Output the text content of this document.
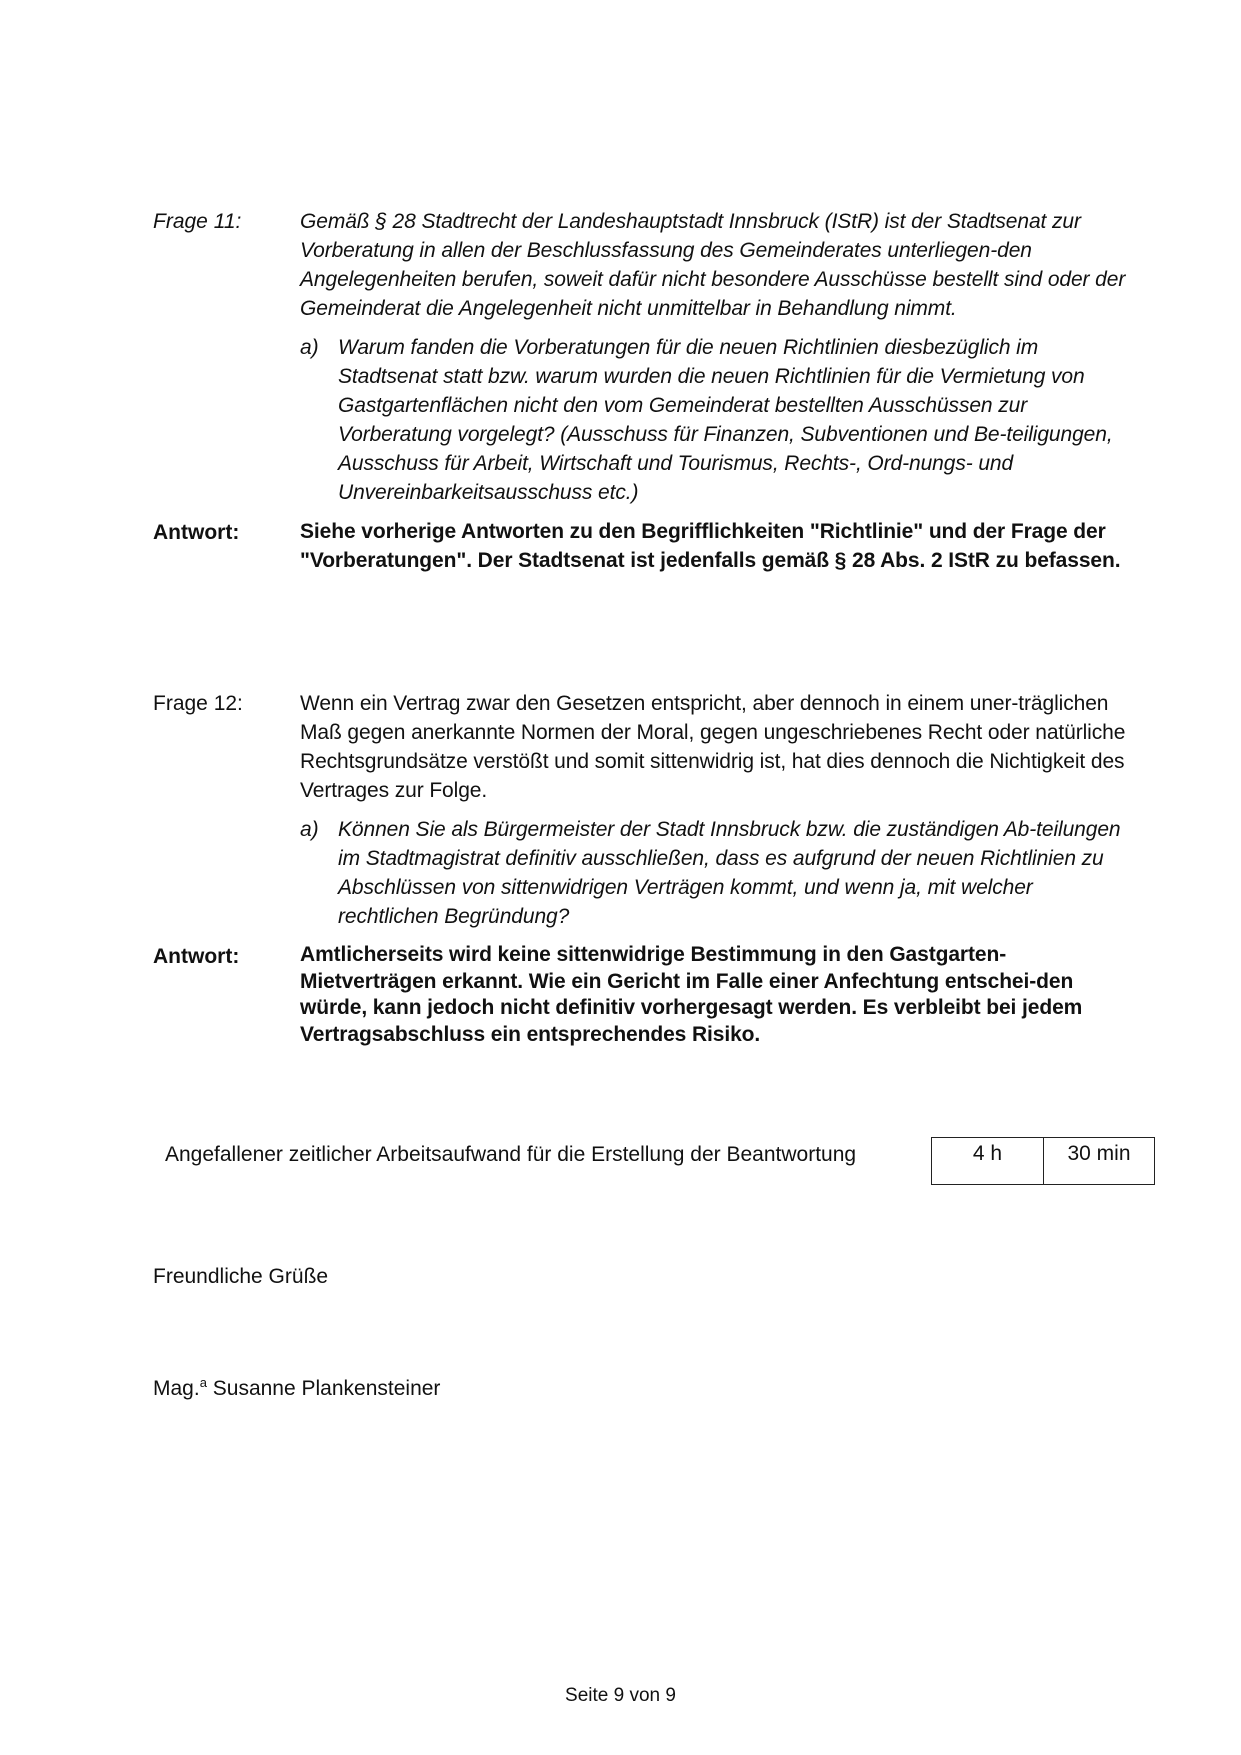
Frage 11:	Gemäß § 28 Stadtrecht der Landeshauptstadt Innsbruck (IStR) ist der Stadtsenat zur Vorberatung in allen der Beschlussfassung des Gemeinderates unterliegen-den Angelegenheiten berufen, soweit dafür nicht besondere Ausschüsse bestellt sind oder der Gemeinderat die Angelegenheit nicht unmittelbar in Behandlung nimmt.
a) Warum fanden die Vorberatungen für die neuen Richtlinien diesbezüglich im Stadtsenat statt bzw. warum wurden die neuen Richtlinien für die Vermietung von Gastgartenflächen nicht den vom Gemeinderat bestellten Ausschüssen zur Vorberatung vorgelegt? (Ausschuss für Finanzen, Subventionen und Be-teiligungen, Ausschuss für Arbeit, Wirtschaft und Tourismus, Rechts-, Ord-nungs- und Unvereinbarkeitsausschuss etc.)
Antwort:	Siehe vorherige Antworten zu den Begrifflichkeiten "Richtlinie" und der Frage der "Vorberatungen". Der Stadtsenat ist jedenfalls gemäß § 28 Abs. 2 IStR zu befassen.
Frage 12:	Wenn ein Vertrag zwar den Gesetzen entspricht, aber dennoch in einem uner-träglichen Maß gegen anerkannte Normen der Moral, gegen ungeschriebenes Recht oder natürliche Rechtsgrundsätze verstößt und somit sittenwidrig ist, hat dies dennoch die Nichtigkeit des Vertrages zur Folge.
a) Können Sie als Bürgermeister der Stadt Innsbruck bzw. die zuständigen Ab-teilungen im Stadtmagistrat definitiv ausschließen, dass es aufgrund der neuen Richtlinien zu Abschlüssen von sittenwidrigen Verträgen kommt, und wenn ja, mit welcher rechtlichen Begründung?
Antwort:	Amtlicherseits wird keine sittenwidrige Bestimmung in den Gastgarten-Mietverträgen erkannt. Wie ein Gericht im Falle einer Anfechtung entschei-den würde, kann jedoch nicht definitiv vorhergesagt werden. Es verbleibt bei jedem Vertragsabschluss ein entsprechendes Risiko.
Angefallener zeitlicher Arbeitsaufwand für die Erstellung der Beantwortung	4 h	30 min
Freundliche Grüße
Mag.$^a$ Susanne Plankensteiner
Seite 9 von 9
